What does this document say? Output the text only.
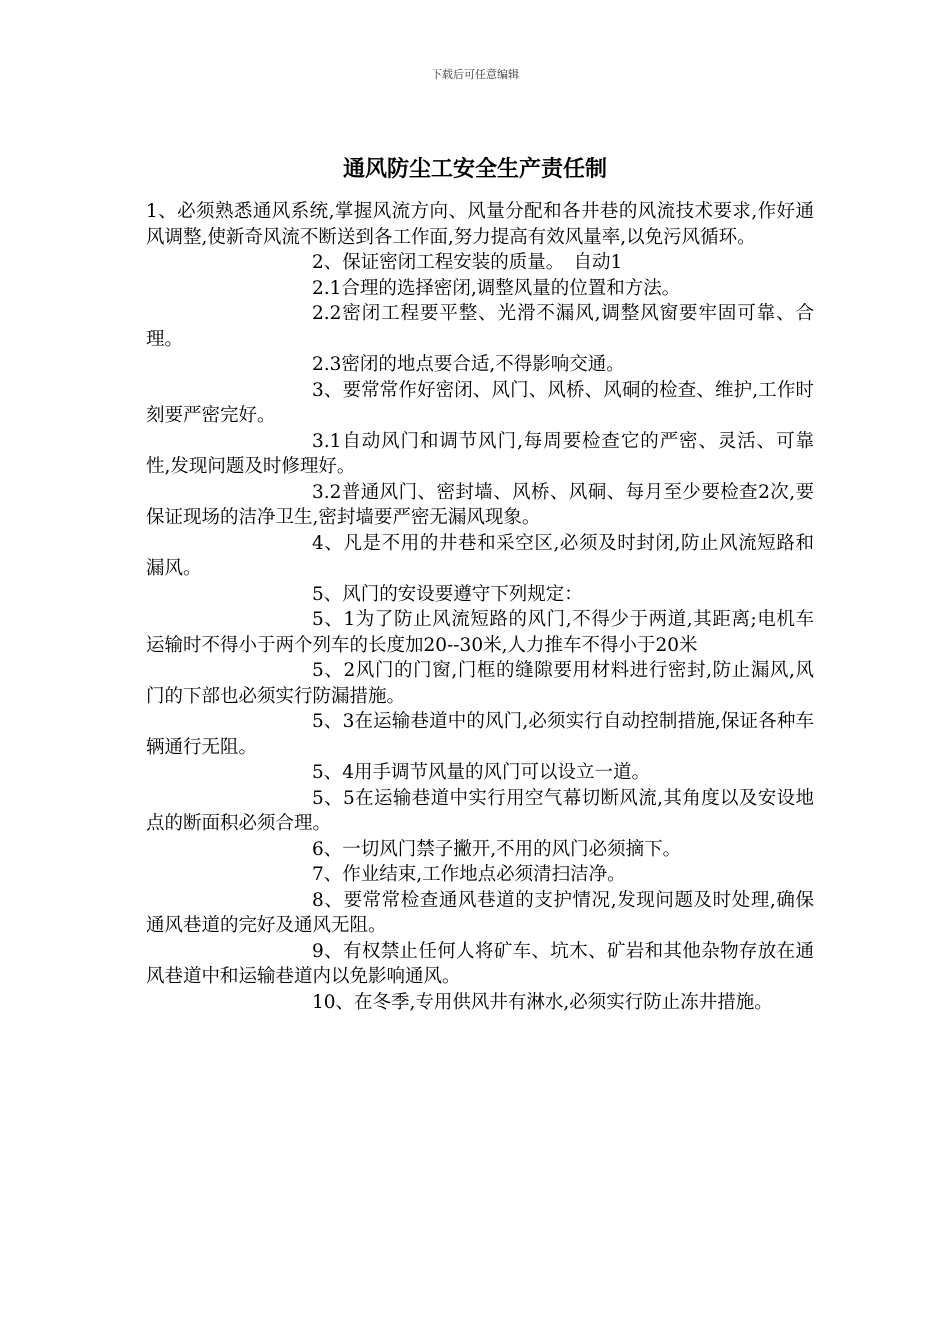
下载后可任意编辑
通风防尘工安全生产责任制

1、必须熟悉通风系统,掌握风流方向、风量分配和各井巷的风流技术要求,作好通风调整,使新奇风流不断送到各工作面,努力提高有效风量率,以免污风循环。

2、保证密闭工程安装的质量。　自动1

2.1合理的选择密闭,调整风量的位置和方法。

2.2密闭工程要平整、光滑不漏风,调整风窗要牢固可靠、合理。

2.3密闭的地点要合适,不得影响交通。

3、要常常作好密闭、风门、风桥、风硐的检查、维护,工作时刻要严密完好。

3.1自动风门和调节风门,每周要检查它的严密、灵活、可靠性,发现问题及时修理好。

3.2普通风门、密封墙、风桥、风硐、每月至少要检查2次,要保证现场的洁净卫生,密封墙要严密无漏风现象。

4、凡是不用的井巷和采空区,必须及时封闭,防止风流短路和漏风。

5、风门的安设要遵守下列规定：

5、1为了防止风流短路的风门,不得少于两道,其距离;电机车运输时不得小于两个列车的长度加20--30米,人力推车不得小于20米

5、2风门的门窗,门框的缝隙要用材料进行密封,防止漏风,风门的下部也必须实行防漏措施。

5、3在运输巷道中的风门,必须实行自动控制措施,保证各种车辆通行无阻。

5、4用手调节风量的风门可以设立一道。

5、5在运输巷道中实行用空气幕切断风流,其角度以及安设地点的断面积必须合理。

6、一切风门禁子撇开,不用的风门必须摘下。

7、作业结束,工作地点必须清扫洁净。

8、要常常检查通风巷道的支护情况,发现问题及时处理,确保通风巷道的完好及通风无阻。

9、有权禁止任何人将矿车、坑木、矿岩和其他杂物存放在通风巷道中和运输巷道内以免影响通风。

10、在冬季,专用供风井有淋水,必须实行防止冻井措施。
